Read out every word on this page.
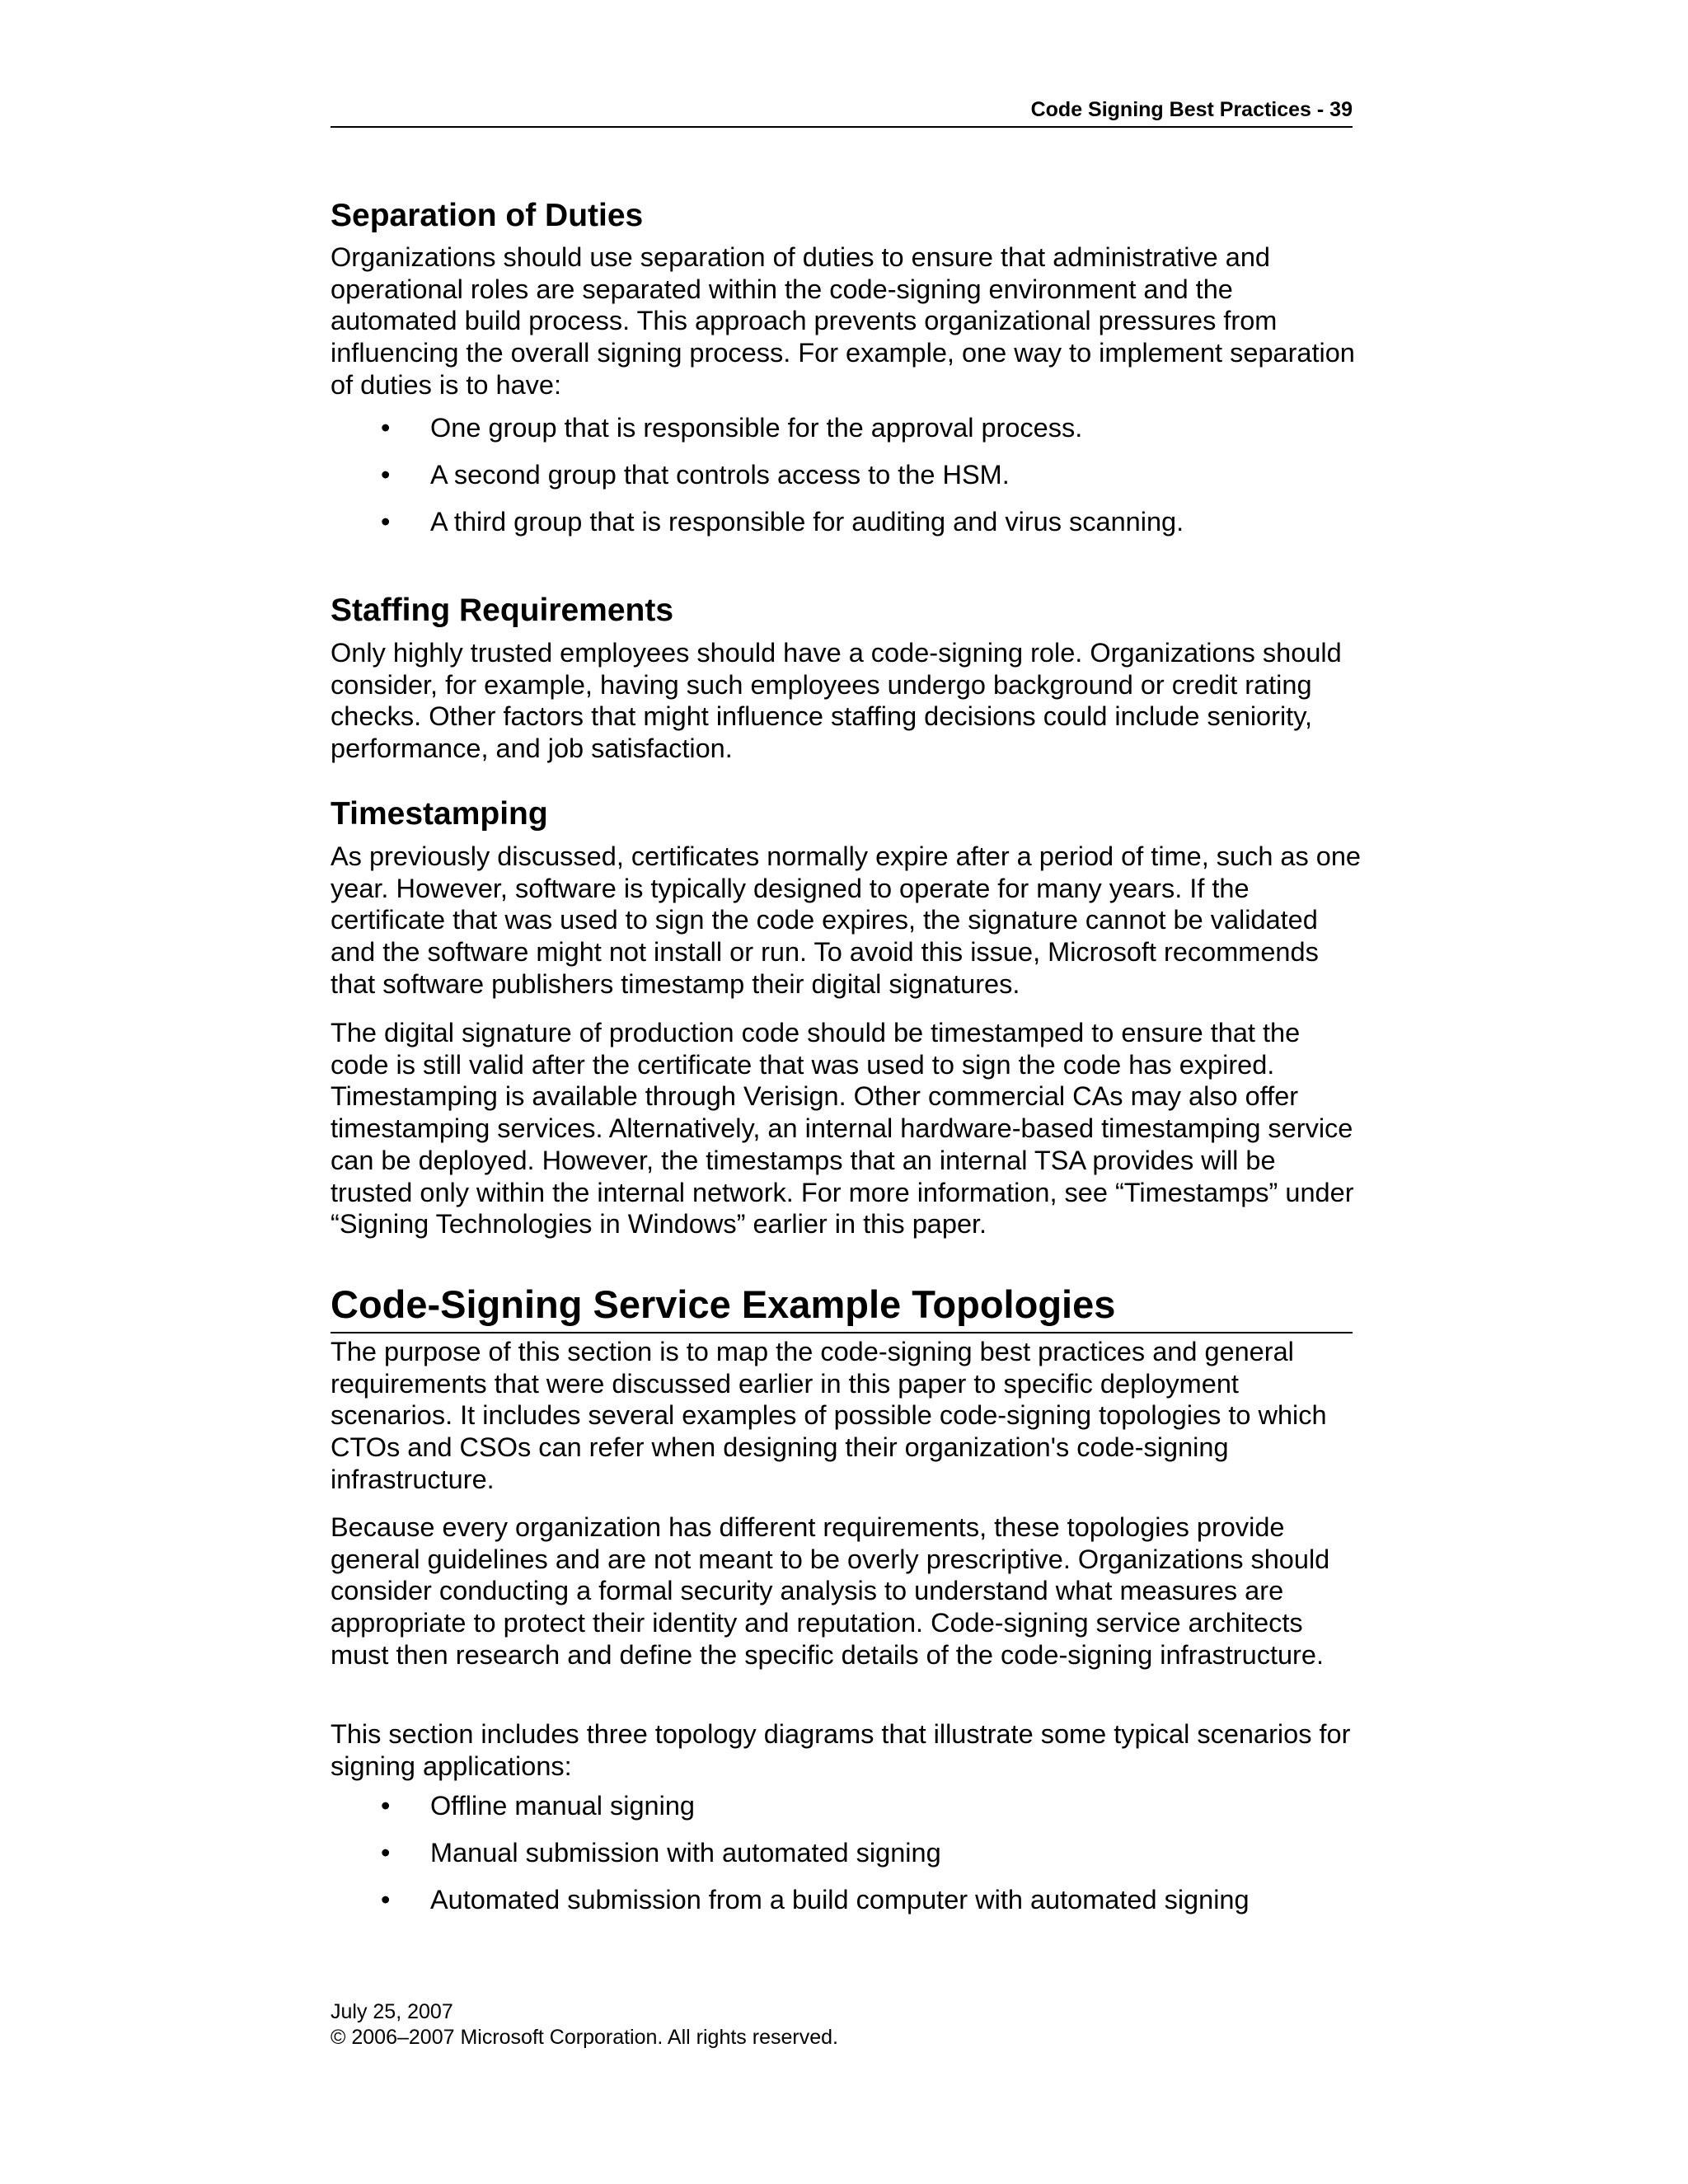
Code Signing Best Practices - 39
Separation of Duties

Organizations should use separation of duties to ensure that administrative and operational roles are separated within the code-signing environment and the automated build process. This approach prevents organizational pressures from influencing the overall signing process. For example, one way to implement separation of duties is to have:

• One group that is responsible for the approval process.
• A second group that controls access to the HSM.
• A third group that is responsible for auditing and virus scanning.
Staffing Requirements

Only highly trusted employees should have a code-signing role. Organizations should consider, for example, having such employees undergo background or credit rating checks. Other factors that might influence staffing decisions could include seniority, performance, and job satisfaction.

Timestamping

As previously discussed, certificates normally expire after a period of time, such as one year. However, software is typically designed to operate for many years. If the certificate that was used to sign the code expires, the signature cannot be validated and the software might not install or run. To avoid this issue, Microsoft recommends that software publishers timestamp their digital signatures.

The digital signature of production code should be timestamped to ensure that the code is still valid after the certificate that was used to sign the code has expired. Timestamping is available through Verisign. Other commercial CAs may also offer timestamping services. Alternatively, an internal hardware-based timestamping service can be deployed. However, the timestamps that an internal TSA provides will be trusted only within the internal network. For more information, see “Timestamps” under “Signing Technologies in Windows” earlier in this paper.

Code-Signing Service Example Topologies

The purpose of this section is to map the code-signing best practices and general requirements that were discussed earlier in this paper to specific deployment scenarios. It includes several examples of possible code-signing topologies to which CTOs and CSOs can refer when designing their organization's code-signing infrastructure.

Because every organization has different requirements, these topologies provide general guidelines and are not meant to be overly prescriptive. Organizations should consider conducting a formal security analysis to understand what measures are appropriate to protect their identity and reputation. Code-signing service architects must then research and define the specific details of the code-signing infrastructure.

This section includes three topology diagrams that illustrate some typical scenarios for signing applications:

• Offline manual signing
• Manual submission with automated signing
• Automated submission from a build computer with automated signing
July 25, 2007
© 2006–2007 Microsoft Corporation. All rights reserved.
